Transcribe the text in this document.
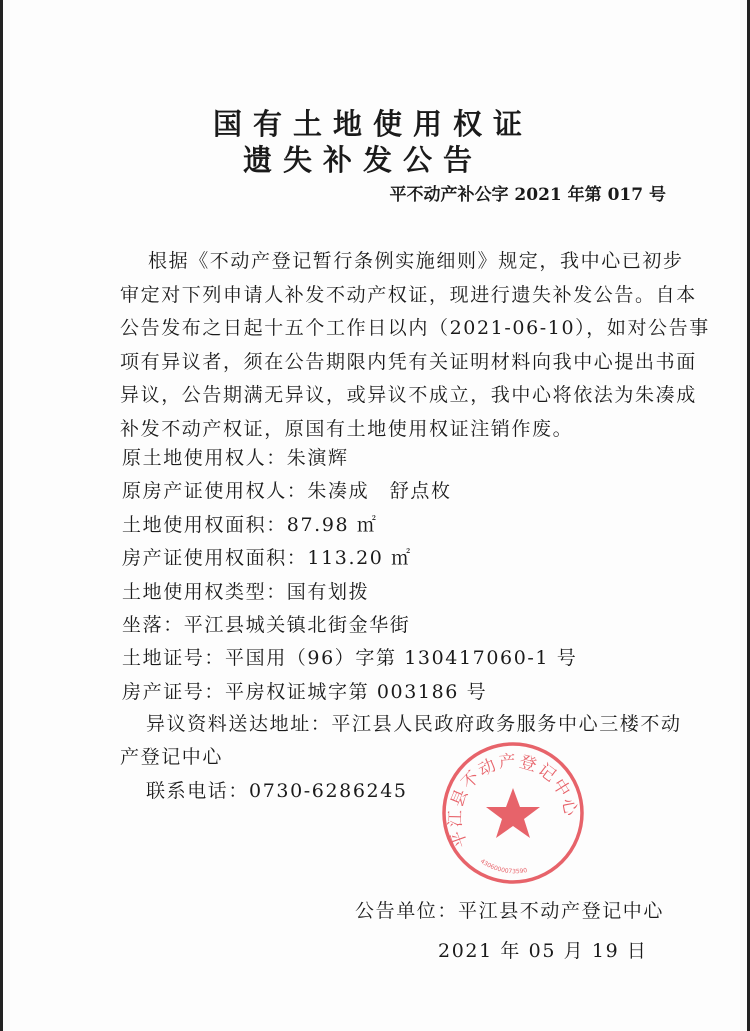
国有土地使用权证
遗失补发公告
平不动产补公字 2021 年第 017 号
根据《不动产登记暂行条例实施细则》规定，我中心已初步
审定对下列申请人补发不动产权证，现进行遗失补发公告。自本
公告发布之日起十五个工作日以内（2021-06-10），如对公告事
项有异议者，须在公告期限内凭有关证明材料向我中心提出书面
异议，公告期满无异议，或异议不成立，我中心将依法为朱凑成
补发不动产权证，原国有土地使用权证注销作废。
原土地使用权人：朱演辉
原房产证使用权人：朱凑成　舒点枚
土地使用权面积：87.98 ㎡
房产证使用权面积：113.20 ㎡
土地使用权类型：国有划拨
坐落：平江县城关镇北街金华街
土地证号：平国用（96）字第 130417060-1 号
房产证号：平房权证城字第 003186 号
异议资料送达地址：平江县人民政府政务服务中心三楼不动
产登记中心
联系电话：0730-6286245
平江县不动产登记中心
4306000073590
公告单位：平江县不动产登记中心
2021 年 05 月 19 日
